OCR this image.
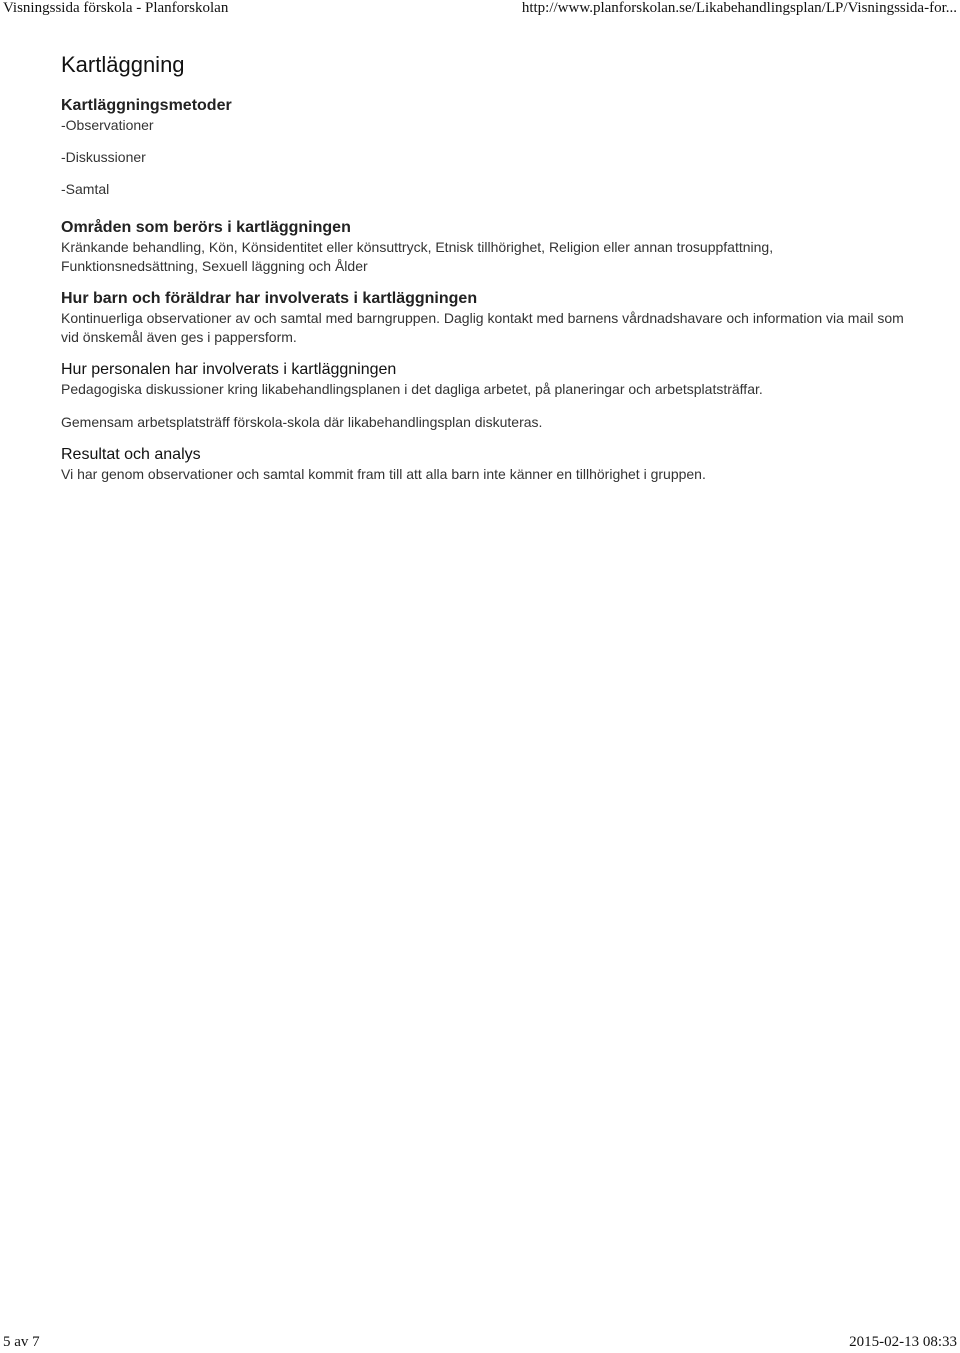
Visningssida förskola - Planforskolan	http://www.planforskolan.se/Likabehandlingsplan/LP/Visningssida-for...
Kartläggning
Kartläggningsmetoder

-Observationer

-Diskussioner

-Samtal

Områden som berörs i kartläggningen

Kränkande behandling, Kön, Könsidentitet eller könsuttryck, Etnisk tillhörighet, Religion eller annan trosuppfattning, Funktionsnedsättning, Sexuell läggning och Ålder

Hur barn och föräldrar har involverats i kartläggningen

Kontinuerliga observationer av och samtal med barngruppen. Daglig kontakt med barnens vårdnadshavare och information via mail som vid önskemål även ges i pappersform.

Hur personalen har involverats i kartläggningen

Pedagogiska diskussioner kring likabehandlingsplanen i det dagliga arbetet, på planeringar och arbetsplatsträffar.

Gemensam arbetsplatsträff förskola-skola där likabehandlingsplan diskuteras.

Resultat och analys

Vi har genom observationer och samtal kommit fram till att alla barn inte känner en tillhörighet i gruppen.

5 av 7	2015-02-13 08:33
